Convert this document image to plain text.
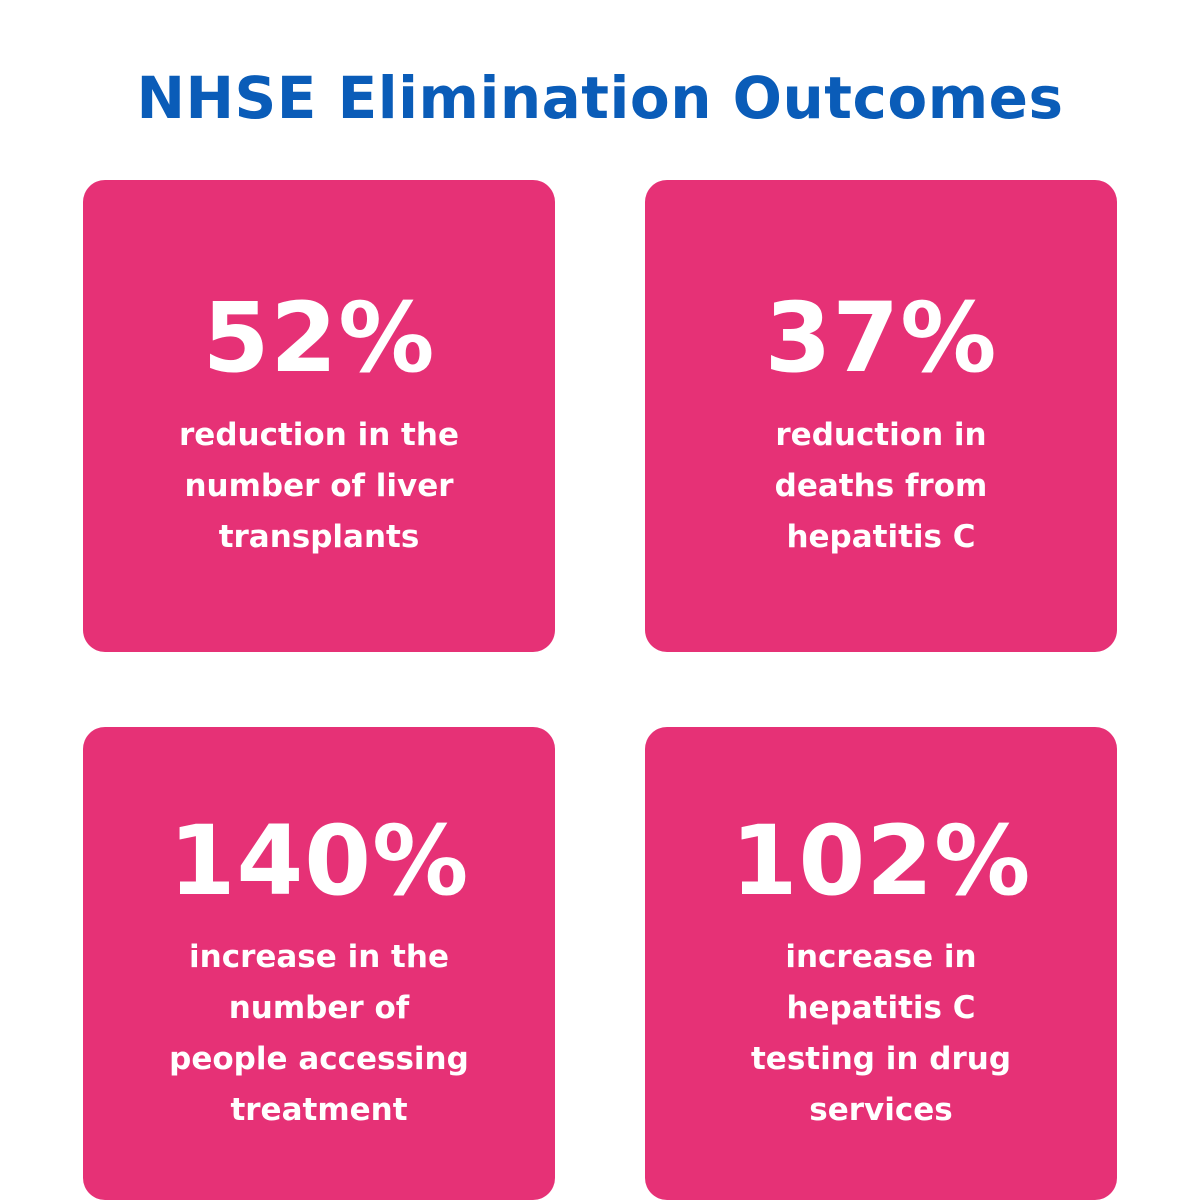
NHSE Elimination Outcomes
52%
reduction in the
number of liver
transplants
37%
reduction in
deaths from
hepatitis C
140%
increase in the
number of
people accessing
treatment
102%
increase in
hepatitis C
testing in drug
services
